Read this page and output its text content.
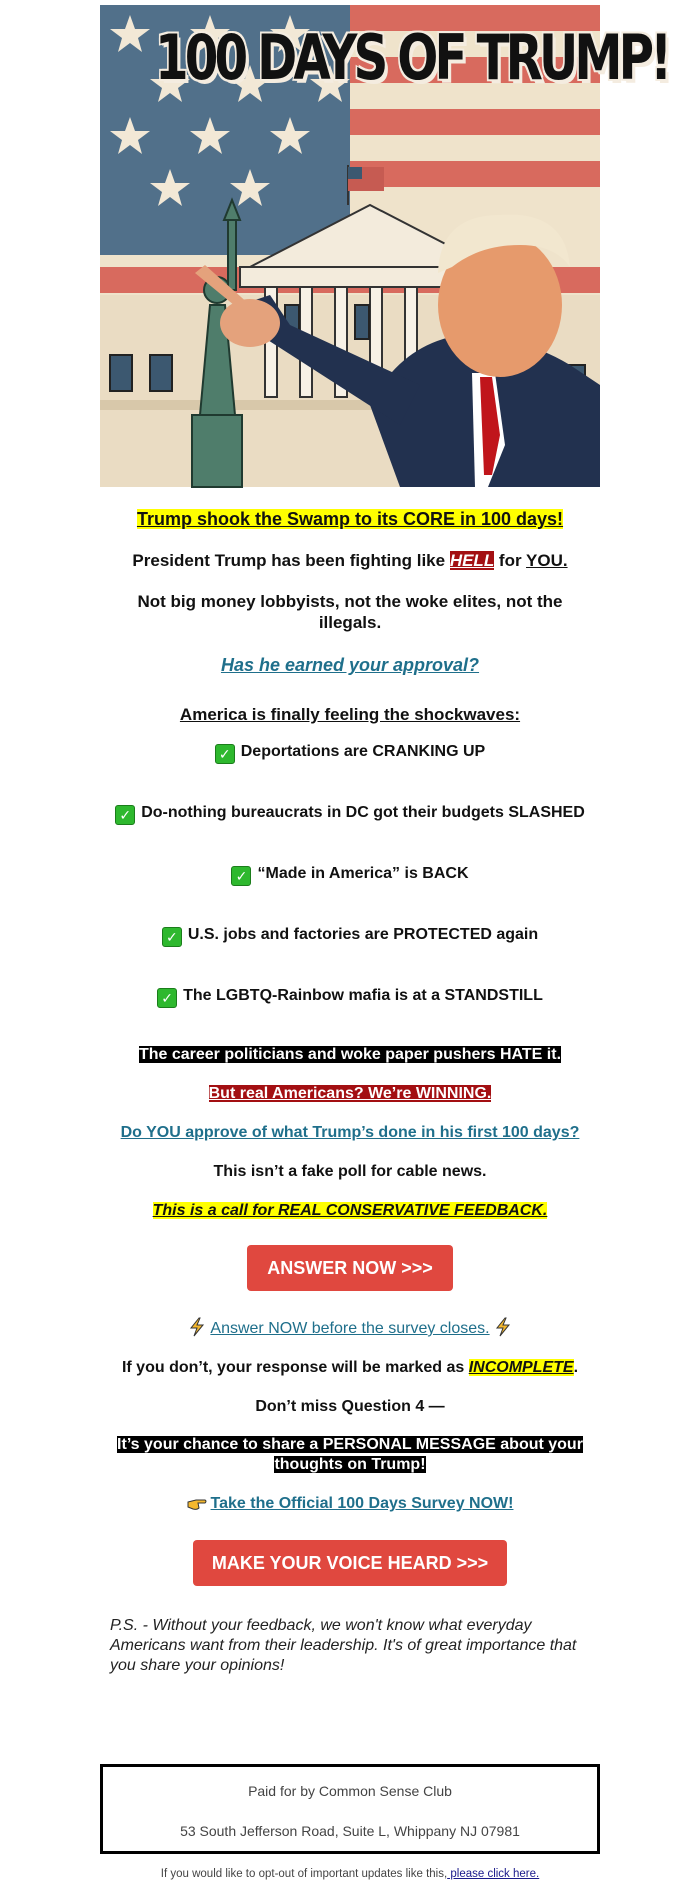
100 DAYS OF TRUMP!

Trump shook the Swamp to its CORE in 100 days!

President Trump has been fighting like HELL for YOU.

Not big money lobbyists, not the woke elites, not the illegals.

Has he earned your approval?

America is finally feeling the shockwaves:

✓ Deportations are CRANKING UP

✓ Do-nothing bureaucrats in DC got their budgets SLASHED

✓ “Made in America” is BACK

✓ U.S. jobs and factories are PROTECTED again

✓ The LGBTQ-Rainbow mafia is at a STANDSTILL

The career politicians and woke paper pushers HATE it.

But real Americans? We’re WINNING.

Do YOU approve of what Trump’s done in his first 100 days?

This isn’t a fake poll for cable news.

This is a call for REAL CONSERVATIVE FEEDBACK.

ANSWER NOW >>>

Answer NOW before the survey closes.

If you don’t, your response will be marked as INCOMPLETE.

Don’t miss Question 4 —

It’s your chance to share a PERSONAL MESSAGE about your
thoughts on Trump!

Take the Official 100 Days Survey NOW!

MAKE YOUR VOICE HEARD >>>

P.S. - Without your feedback, we won't know what everyday Americans want from their leadership. It's of great importance that you share your opinions!

Paid for by Common Sense Club
53 South Jefferson Road, Suite L, Whippany NJ 07981
If you would like to opt-out of important updates like this, please click here.
